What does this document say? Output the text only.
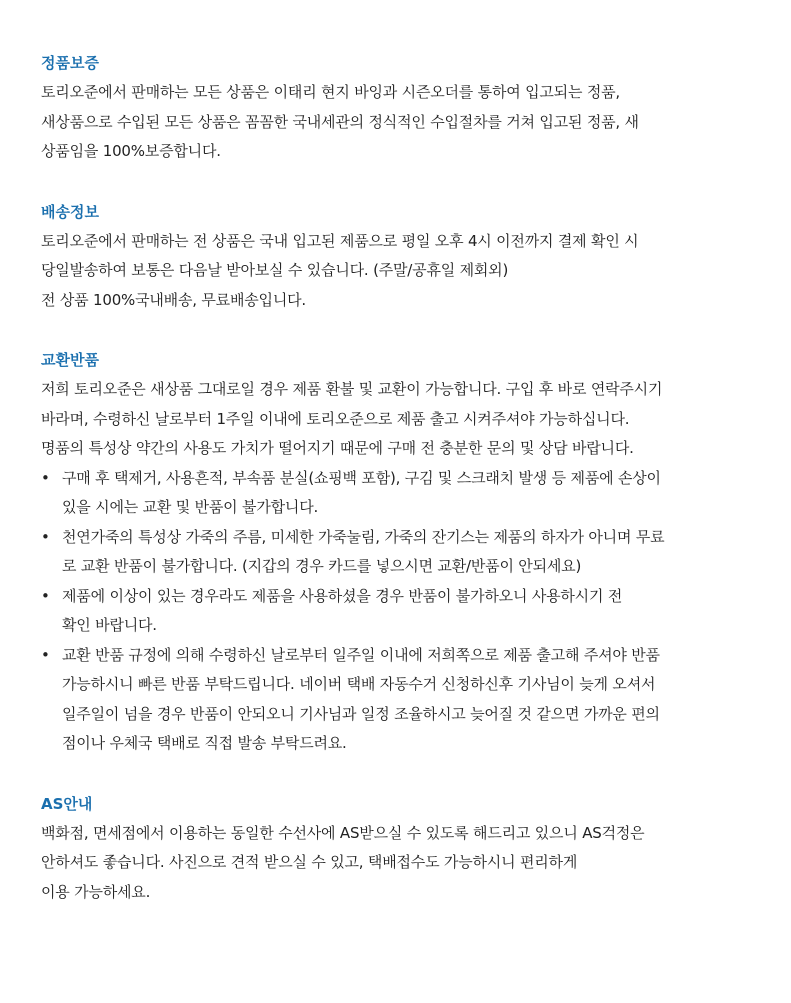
정품보증
토리오준에서 판매하는 모든 상품은 이태리 현지 바잉과 시즌오더를 통하여 입고되는 정품,
새상품으로 수입된 모든 상품은 꼼꼼한 국내세관의 정식적인 수입절차를 거쳐 입고된 정품, 새
상품임을 100%보증합니다.
배송정보
토리오준에서 판매하는 전 상품은 국내 입고된 제품으로 평일 오후 4시 이전까지 결제 확인 시
당일발송하여 보통은 다음날 받아보실 수 있습니다. (주말/공휴일 제회외)
전 상품 100%국내배송, 무료배송입니다.
교환반품
저희 토리오준은 새상품 그대로일 경우 제품 환불 및 교환이 가능합니다. 구입 후 바로 연락주시기
바라며, 수령하신 날로부터 1주일 이내에 토리오준으로 제품 출고 시켜주셔야 가능하십니다.
명품의 특성상 약간의 사용도 가치가 떨어지기 때문에 구매 전 충분한 문의 및 상담 바랍니다.
• 구매 후 택제거, 사용흔적, 부속품 분실(쇼핑백 포함), 구김 및 스크래치 발생 등 제품에 손상이
있을 시에는 교환 및 반품이 불가합니다.
• 천연가죽의 특성상 가죽의 주름, 미세한 가죽눌림, 가죽의 잔기스는 제품의 하자가 아니며 무료
로 교환 반품이 불가합니다. (지갑의 경우 카드를 넣으시면 교환/반품이 안되세요)
• 제품에 이상이 있는 경우라도 제품을 사용하셨을 경우 반품이 불가하오니 사용하시기 전
확인 바랍니다.
• 교환 반품 규정에 의해 수령하신 날로부터 일주일 이내에 저희쪽으로 제품 출고해 주셔야 반품
가능하시니 빠른 반품 부탁드립니다. 네이버 택배 자동수거 신청하신후 기사님이 늦게 오셔서
일주일이 넘을 경우 반품이 안되오니 기사님과 일정 조율하시고 늦어질 것 같으면 가까운 편의
점이나 우체국 택배로 직접 발송 부탁드려요.
AS안내
백화점, 면세점에서 이용하는 동일한 수선사에 AS받으실 수 있도록 해드리고 있으니 AS걱정은
안하셔도 좋습니다. 사진으로 견적 받으실 수 있고, 택배접수도 가능하시니 편리하게
이용 가능하세요.
